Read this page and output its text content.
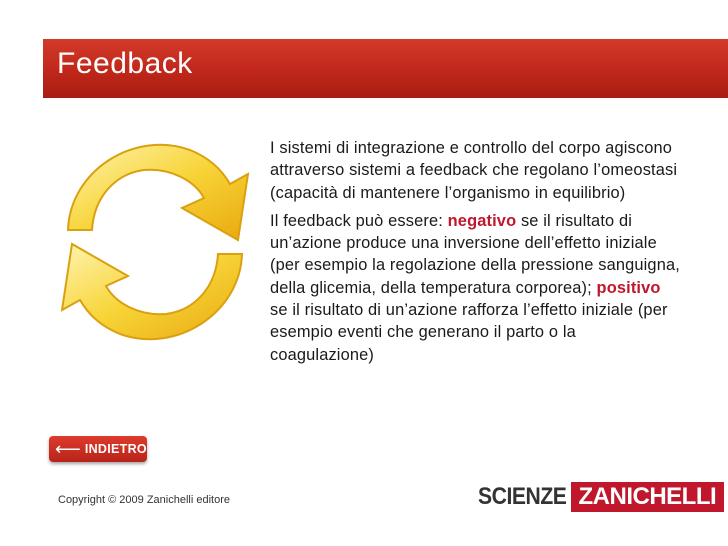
Feedback

I sistemi di integrazione e controllo del corpo agiscono attraverso sistemi a feedback che regolano l’omeostasi (capacità di mantenere l’organismo in equilibrio)

Il feedback può essere: negativo se il risultato di un’azione produce una inversione dell’effetto iniziale (per esempio la regolazione della pressione sanguigna, della glicemia, della temperatura corporea); positivo se il risultato di un’azione rafforza l’effetto iniziale (per esempio eventi che generano il parto o la coagulazione)

⟵ INDIETRO
Copyright © 2009 Zanichelli editore	SCIENZE ZANICHELLI
